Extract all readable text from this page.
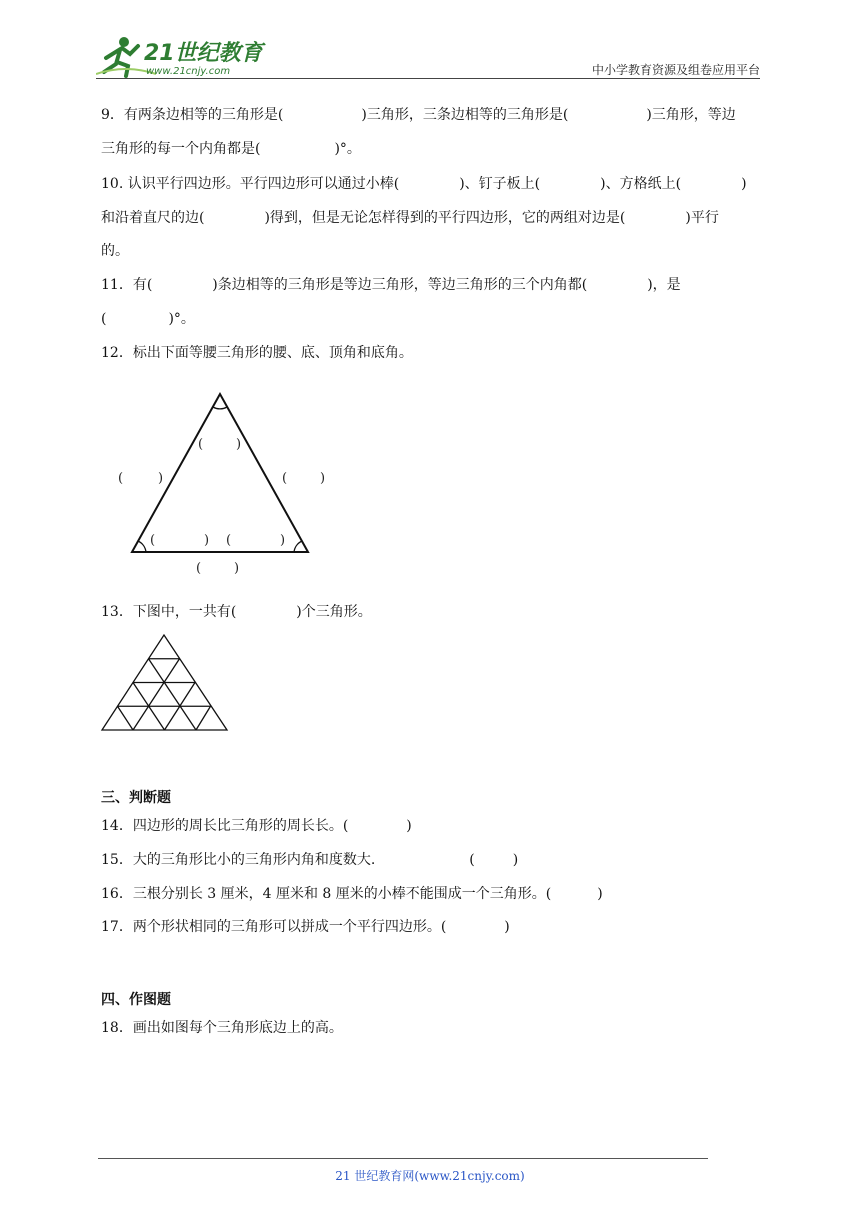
21世纪教育
www.21cnjy.com	中小学教育资源及组卷应用平台
9．有两条边相等的三角形是(	)三角形，三条边相等的三角形是(	)三角形，等边
三角形的每一个内角都是(	)°。
10. 认识平行四边形。平行四边形可以通过小棒(	)、钉子板上(	)、方格纸上(	)
和沿着直尺的边(	)得到，但是无论怎样得到的平行四边形，它的两组对边是(	)平行
的。
11．有(	)条边相等的三角形是等边三角形，等边三角形的三个内角都(	)，是
(	)°。
12．标出下面等腰三角形的腰、底、顶角和底角。
(	)
(	)	(	)
(	) (	)
(	)
13．下图中，一共有(	)个三角形。
三、判断题
14．四边形的周长比三角形的周长长。(	)
15．大的三角形比小的三角形内角和度数大.	(	)
16．三根分别长 3 厘米，4 厘米和 8 厘米的小棒不能围成一个三角形。(	)
17．两个形状相同的三角形可以拼成一个平行四边形。(	)
四、作图题
18．画出如图每个三角形底边上的高。
21 世纪教育网(www.21cnjy.com)
